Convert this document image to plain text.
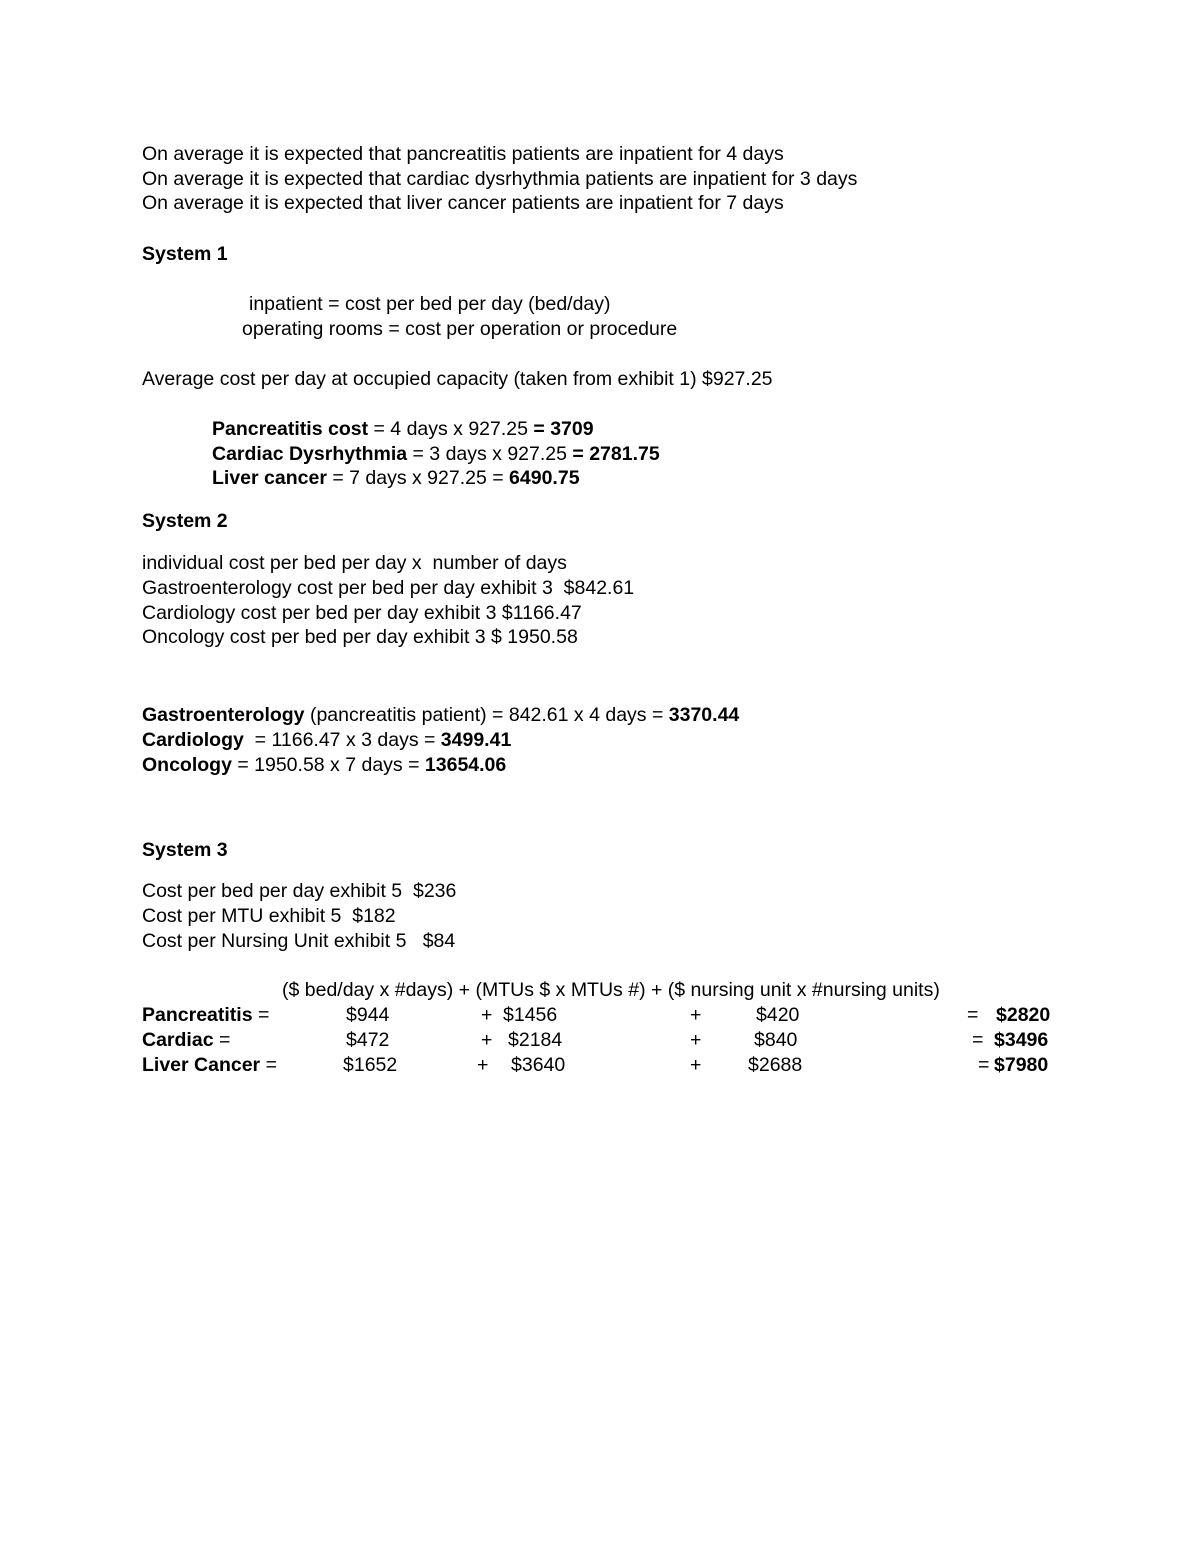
On average it is expected that pancreatitis patients are inpatient for 4 days
On average it is expected that cardiac dysrhythmia patients are inpatient for 3 days
On average it is expected that liver cancer patients are inpatient for 7 days
System 1
inpatient = cost per bed per day (bed/day)
operating rooms = cost per operation or procedure
Average cost per day at occupied capacity (taken from exhibit 1) $927.25
Pancreatitis cost = 4 days x 927.25 = 3709
Cardiac Dysrhythmia = 3 days x 927.25 = 2781.75
Liver cancer = 7 days x 927.25 = 6490.75
System 2
individual cost per bed per day x  number of days
Gastroenterology cost per bed per day exhibit 3  $842.61
Cardiology cost per bed per day exhibit 3 $1166.47
Oncology cost per bed per day exhibit 3 $ 1950.58
Gastroenterology (pancreatitis patient) = 842.61 x 4 days = 3370.44
Cardiology  = 1166.47 x 3 days = 3499.41
Oncology = 1950.58 x 7 days = 13654.06
System 3
Cost per bed per day exhibit 5  $236
Cost per MTU exhibit 5  $182
Cost per Nursing Unit exhibit 5   $84
($ bed/day x #days) + (MTUs $ x MTUs #) + ($ nursing unit x #nursing units)
Pancreatitis =	$944	+ $1456	+	$420	= $2820
Cardiac =	$472	+ $2184	+	$840	= $3496
Liver Cancer =	$1652	+ $3640	+ $2688	= $7980
